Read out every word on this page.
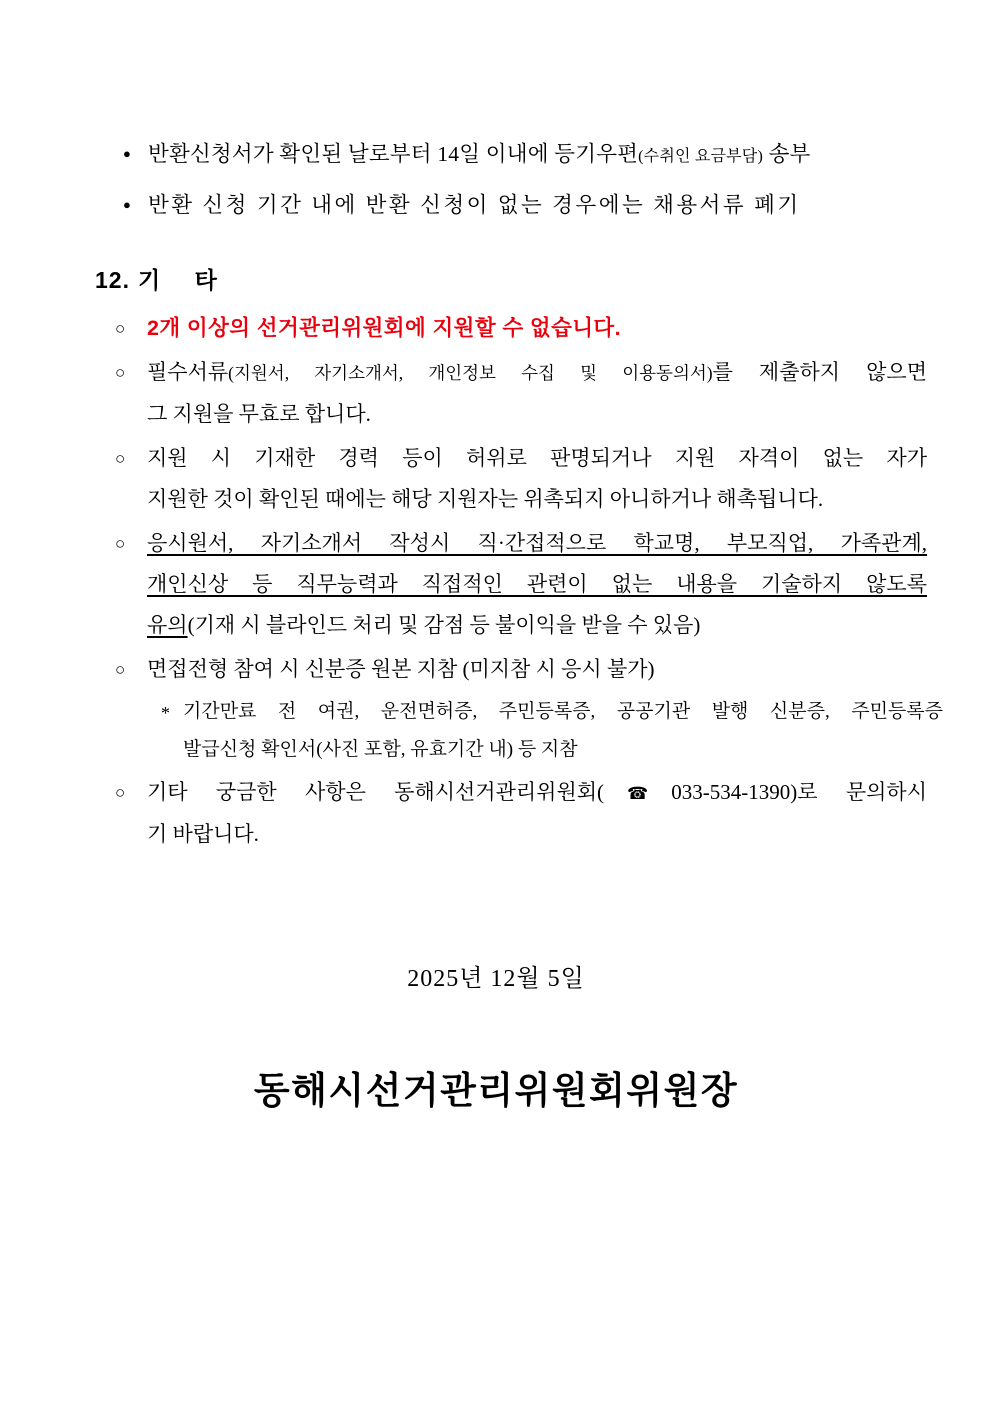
● 반환신청서가 확인된 날로부터 14일 이내에 등기우편(수취인 요금부담) 송부
● 반환 신청 기간 내에 반환 신청이 없는 경우에는 채용서류 폐기
12. 기 타
○ 2개 이상의 선거관리위원회에 지원할 수 없습니다.
○ 필수서류(지원서, 자기소개서, 개인정보 수집 및 이용동의서)를 제출하지 않으면
그 지원을 무효로 합니다.
○ 지원 시 기재한 경력 등이 허위로 판명되거나 지원 자격이 없는 자가
지원한 것이 확인된 때에는 해당 지원자는 위촉되지 아니하거나 해촉됩니다.
○ 응시원서, 자기소개서 작성시 직·간접적으로 학교명, 부모직업, 가족관계,
개인신상 등 직무능력과 직접적인 관련이 없는 내용을 기술하지 않도록
유의(기재 시 블라인드 처리 및 감점 등 불이익을 받을 수 있음)
○ 면접전형 참여 시 신분증 원본 지참 (미지참 시 응시 불가)
* 기간만료 전 여권, 운전면허증, 주민등록증, 공공기관 발행 신분증, 주민등록증
발급신청 확인서(사진 포함, 유효기간 내) 등 지참
○ 기타 궁금한 사항은 동해시선거관리위원회(☎033-534-1390)로 문의하시
기 바랍니다.
2025년 12월 5일
동해시선거관리위원회위원장
